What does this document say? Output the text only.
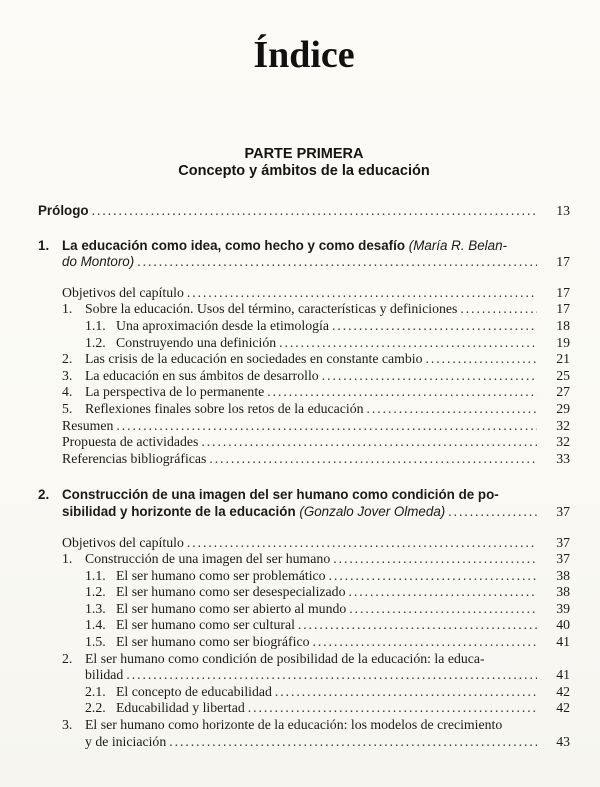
Índice
PARTE PRIMERA
Concepto y ámbitos de la educación
Prólogo .....	13
1. La educación como idea, como hecho y como desafío (María R. Belan-
do Montoro) .....	17
Objetivos del capítulo .....	17
1. Sobre la educación. Usos del término, características y definiciones .....	17
1.1. Una aproximación desde la etimología .....	18
1.2. Construyendo una definición .....	19
2. Las crisis de la educación en sociedades en constante cambio .....	21
3. La educación en sus ámbitos de desarrollo .....	25
4. La perspectiva de lo permanente .....	27
5. Reflexiones finales sobre los retos de la educación .....	29
Resumen .....	32
Propuesta de actividades .....	32
Referencias bibliográficas .....	33
2. Construcción de una imagen del ser humano como condición de po-
sibilidad y horizonte de la educación (Gonzalo Jover Olmeda) .....	37
Objetivos del capítulo .....	37
1. Construcción de una imagen del ser humano .....	37
1.1. El ser humano como ser problemático .....	38
1.2. El ser humano como ser desespecializado .....	38
1.3. El ser humano como ser abierto al mundo .....	39
1.4. El ser humano como ser cultural .....	40
1.5. El ser humano como ser biográfico .....	41
2. El ser humano como condición de posibilidad de la educación: la educa-
bilidad .....	41
2.1. El concepto de educabilidad .....	42
2.2. Educabilidad y libertad .....	42
3. El ser humano como horizonte de la educación: los modelos de crecimiento
y de iniciación .....	43
